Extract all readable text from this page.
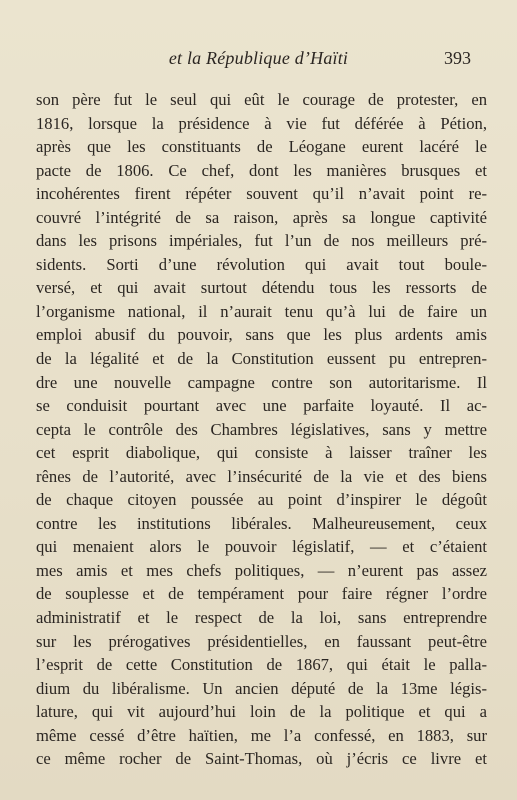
et la République d’Haïti	393
son père fut le seul qui eût le courage de protester, en
1816, lorsque la présidence à vie fut déférée à Pétion,
après que les constituants de Léogane eurent lacéré le
pacte de 1806. Ce chef, dont les manières brusques et
incohérentes firent répéter souvent qu’il n’avait point re-
couvré l’intégrité de sa raison, après sa longue captivité
dans les prisons impériales, fut l’un de nos meilleurs pré-
sidents. Sorti d’une révolution qui avait tout boule-
versé, et qui avait surtout détendu tous les ressorts de
l’organisme national, il n’aurait tenu qu’à lui de faire un
emploi abusif du pouvoir, sans que les plus ardents amis
de la légalité et de la Constitution eussent pu entrepren-
dre une nouvelle campagne contre son autoritarisme. Il
se conduisit pourtant avec une parfaite loyauté. Il ac-
cepta le contrôle des Chambres législatives, sans y mettre
cet esprit diabolique, qui consiste à laisser traîner les
rênes de l’autorité, avec l’insécurité de la vie et des biens
de chaque citoyen poussée au point d’inspirer le dégoût
contre les institutions libérales. Malheureusement, ceux
qui menaient alors le pouvoir législatif, — et c’étaient
mes amis et mes chefs politiques, — n’eurent pas assez
de souplesse et de tempérament pour faire régner l’ordre
administratif et le respect de la loi, sans entreprendre
sur les prérogatives présidentielles, en faussant peut-être
l’esprit de cette Constitution de 1867, qui était le palla-
dium du libéralisme. Un ancien député de la 13me légis-
lature, qui vit aujourd’hui loin de la politique et qui a
même cessé d’être haïtien, me l’a confessé, en 1883, sur
ce même rocher de Saint-Thomas, où j’écris ce livre et
